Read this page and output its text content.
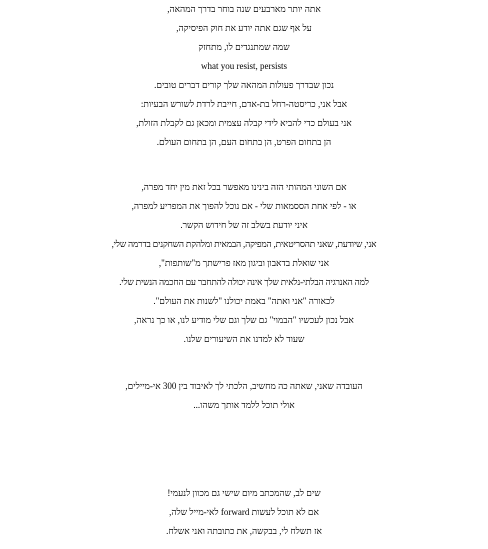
אתה יותר מארבעים שנה בוחר בדרך המהאה,
על אף שגם אתה יודע את חוק הפיסיקה,
שמה שמתנגדים לו, מתחזק
what you resist, persists
נכון שבדרך פעולות המהאה שלך קורים דברים טובים.
אבל אני, כריסטה-רחל בת-אדם, חייבת לרדת לשורש הבעיות:
אני בעולם כדי להביא לידי קבלה עצמית ומכאן גם לקבלת הזולת,
הן בתחום הפרט, הן בתחום העם, הן בתחום העולם.
אם השוני המהותי הזה בינינו מאפשר בכל זאת מין יחד מפרה,
או - לפי אחת הססמאות שלי - אם נוכל להפוך את המפריע למפרה,
איני יודעת בשלב זה של חידוש הקשר.
אני, שיודעת, שאני תהסריטאית, המפיקה, הבמאית ומלהקת השחקנים בדרמה שלי,
אני שואלת בדאבון וביגון מאז פרישתך מ"שותפות",
למה האנרגיה הבלתי-נלאית שלך אינה יכולה להתחבר עם החכמה הנשית שלי.
לכאורה "אני ואתה" באמת יכולנו "לשנות את העולם".
אבל נכון לעכשיו "הבמוי" גם שלך וגם שלי מודיע לנו, או כך נראה,
שעוד לא למדנו את השיעורים שלנו.
העובדה שאני, שאתה כה מחשיב, הלכתי לך לאיבוד בין 300 אי-מיילים,
אולי תוכל ללמד אותך משהו...
שים לב, שהמכתב מיום שישי גם מכוון לנעמי!
אם לא תוכל לעשות forward לאי-מייל שלה,
אז תשלח לי, בבקשה, את כתובתה ואני אשלח.
